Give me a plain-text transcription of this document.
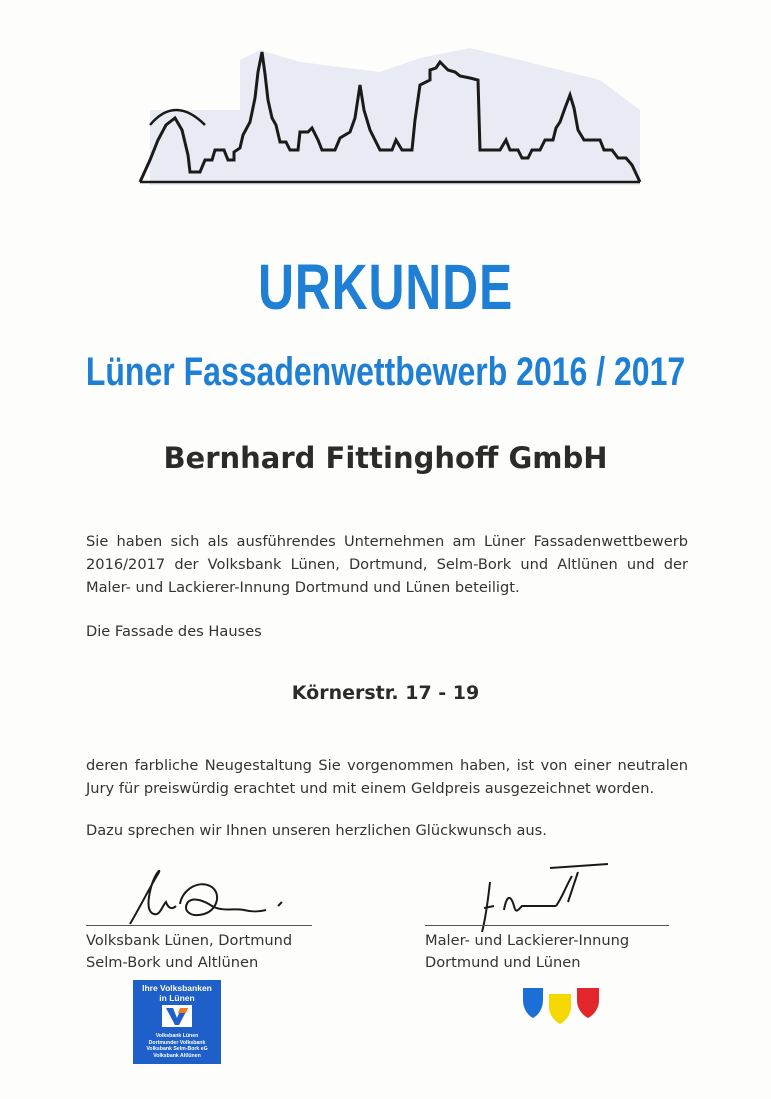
URKUNDE
Lüner Fassadenwettbewerb 2016 / 2017
Bernhard Fittinghoff GmbH

Sie haben sich als ausführendes Unternehmen am Lüner Fassadenwettbewerb 2016/2017 der Volksbank Lünen, Dortmund, Selm-Bork und Altlünen und der Maler- und Lackierer-Innung Dortmund und Lünen beteiligt.

Die Fassade des Hauses

Körnerstr. 17 - 19

deren farbliche Neugestaltung Sie vorgenommen haben, ist von einer neutralen Jury für preiswürdig erachtet und mit einem Geldpreis ausgezeichnet worden.

Dazu sprechen wir Ihnen unseren herzlichen Glückwunsch aus.

Volksbank Lünen, Dortmund
Selm-Bork und Altlünen
Maler- und Lackierer-Innung
Dortmund und Lünen

Ihre Volksbanken

in Lünen

Volksbank Lünen

Dortmunder Volksbank

Volksbank Selm-Bork eG

Volksbank Altlünen
